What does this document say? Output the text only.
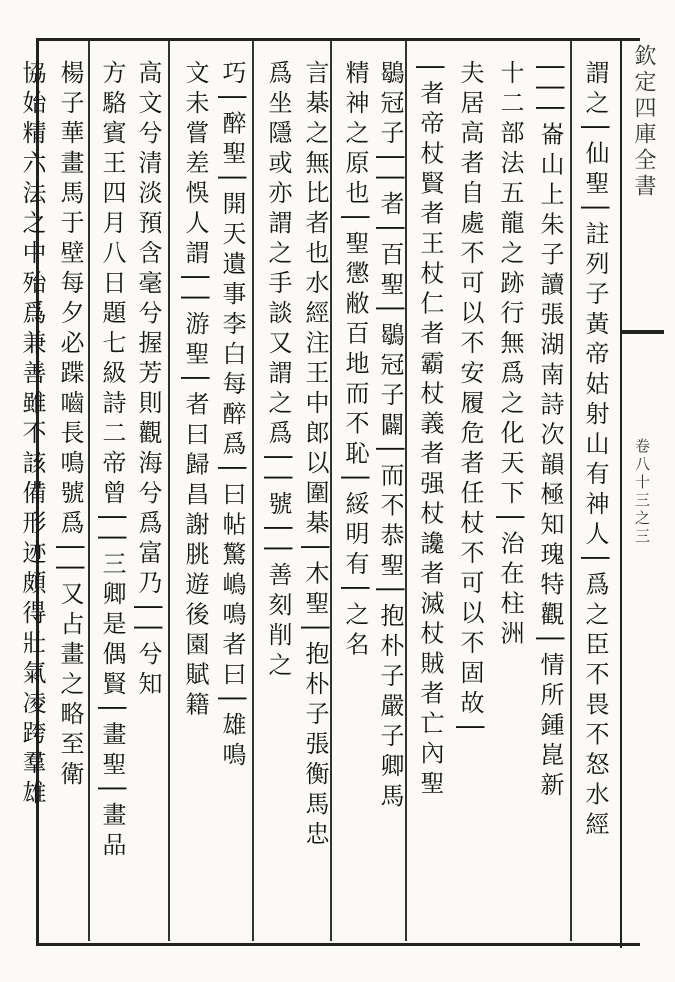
謂之│仙聖│註列子黃帝姑射山有神人│爲之臣不畏不怒水經
│││崙山上朱子讀張湖南詩次韻極知瑰特觀│情所鍾崑新
十二部法五龍之跡行無爲之化天下│治在柱洲
夫居高者自處不可以不安履危者任杖不可以不固故│
│者帝杖賢者王杖仁者霸杖義者强杖讒者滅杖賊者亡內聖
鶡冠子││者│百聖│鶡冠子闢│而不恭聖│抱朴子嚴子卿馬
精神之原也│聖懲敝百地而不恥│綏明有│之名
言棊之無比者也水經注王中郎以圍棊│木聖│抱朴子張衡馬忠
爲坐隱或亦謂之手談又謂之爲││號││善刻削之
巧│醉聖│開天遺事李白每醉爲│曰帖驚嶋鳴者曰│雄鳴
文未嘗差悞人謂││游聖│者曰歸昌謝朓遊後園賦籍
高文兮清淡預含毫兮握芳則觀海兮爲富乃││兮知
方駱賓王四月八日題七級詩二帝曾││三卿是偶賢│畫聖│畫品
楊子華畫馬于壁每夕必蹀嚙長鳴號爲││又占畫之略至衛
協始精六法之中殆爲兼善雖不該備形迹頗得壯氣凌跨羣雄	欽定四庫全書
卷八十三之三
